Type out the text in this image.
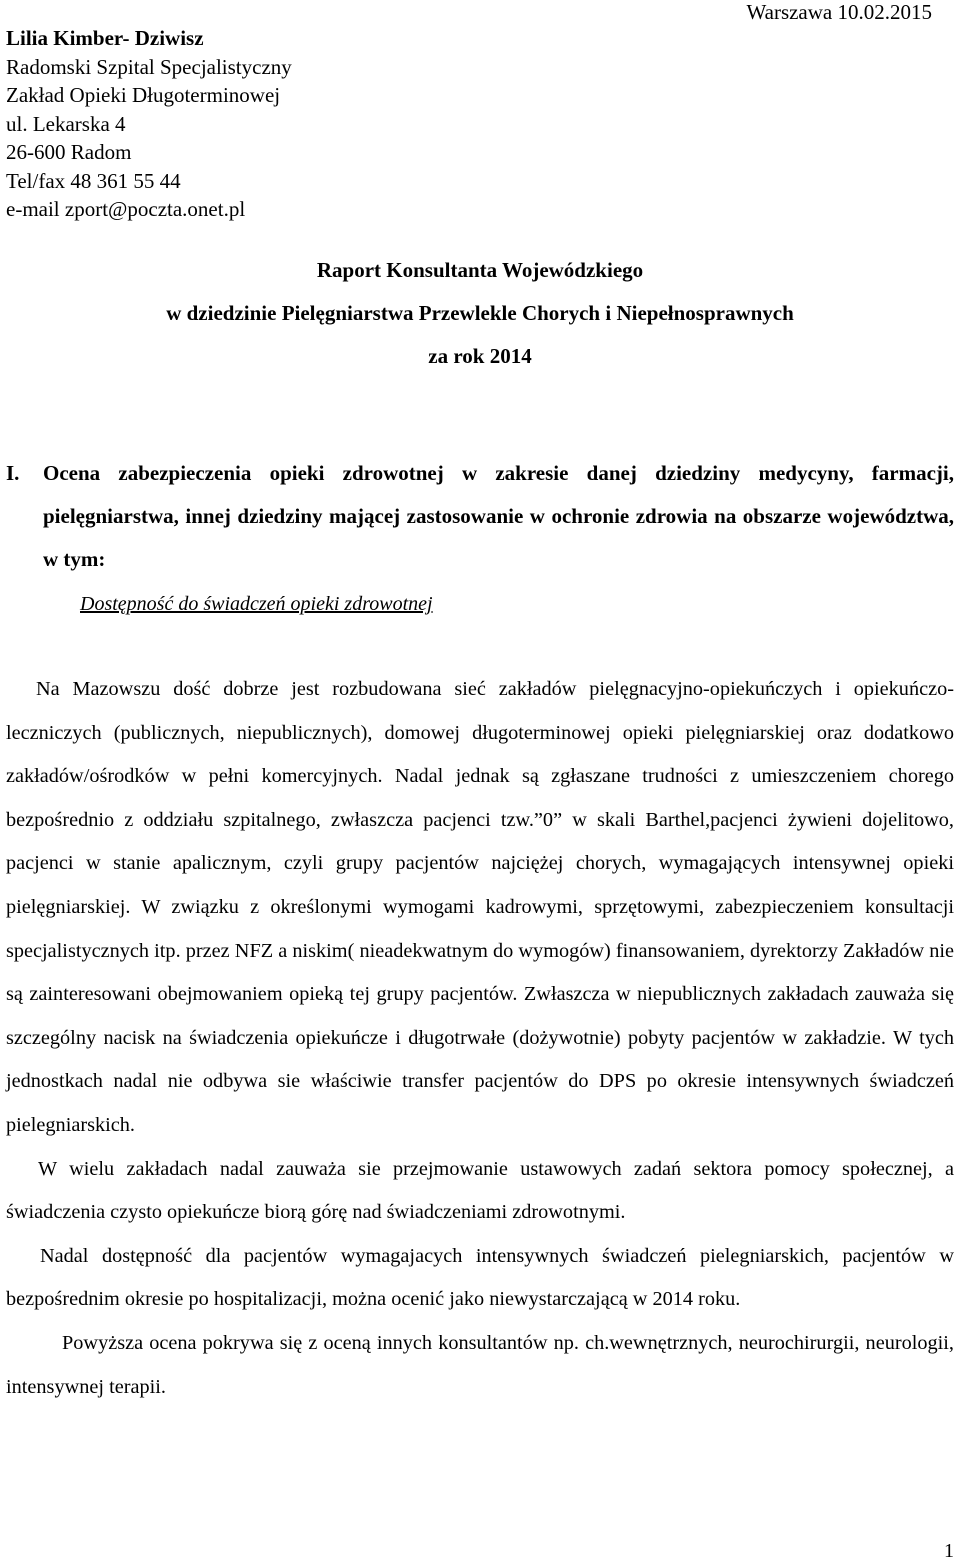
Warszawa 10.02.2015
Lilia Kimber- Dziwisz
Radomski Szpital Specjalistyczny
Zakład Opieki Długoterminowej
ul. Lekarska 4
26-600 Radom
Tel/fax 48 361 55 44
e-mail zport@poczta.onet.pl
Raport Konsultanta Wojewódzkiego
w dziedzinie Pielęgniarstwa Przewlekle Chorych i Niepełnosprawnych
za rok 2014
I. Ocena zabezpieczenia opieki zdrowotnej w zakresie danej dziedziny medycyny, farmacji, pielęgniarstwa, innej dziedziny mającej zastosowanie w ochronie zdrowia na obszarze województwa, w tym:
Dostępność do świadczeń opieki zdrowotnej

Na Mazowszu dość dobrze jest rozbudowana sieć zakładów pielęgnacyjno-opiekuńczych i opiekuńczo-leczniczych (publicznych, niepublicznych), domowej długoterminowej opieki pielęgniarskiej oraz dodatkowo zakładów/ośrodków w pełni komercyjnych. Nadal jednak są zgłaszane trudności z umieszczeniem chorego bezpośrednio z oddziału szpitalnego, zwłaszcza pacjenci tzw.”0” w skali Barthel,pacjenci żywieni dojelitowo, pacjenci w stanie apalicznym, czyli grupy pacjentów najciężej chorych, wymagających intensywnej opieki pielęgniarskiej. W związku z określonymi wymogami kadrowymi, sprzętowymi, zabezpieczeniem konsultacji specjalistycznych itp. przez NFZ a niskim( nieadekwatnym do wymogów) finansowaniem, dyrektorzy Zakładów nie są zainteresowani obejmowaniem opieką tej grupy pacjentów. Zwłaszcza w niepublicznych zakładach zauważa się szczególny nacisk na świadczenia opiekuńcze i długotrwałe (dożywotnie) pobyty pacjentów w zakładzie. W tych jednostkach nadal nie odbywa sie właściwie transfer pacjentów do DPS po okresie intensywnych świadczeń pielegniarskich.

W wielu zakładach nadal zauważa sie przejmowanie ustawowych zadań sektora pomocy społecznej, a świadczenia czysto opiekuńcze biorą górę nad świadczeniami zdrowotnymi.

Nadal dostępność dla pacjentów wymagajacych intensywnych świadczeń pielegniarskich, pacjentów w bezpośrednim okresie po hospitalizacji, można ocenić jako niewystarczającą w 2014 roku.

Powyższa ocena pokrywa się z oceną innych konsultantów np. ch.wewnętrznych, neurochirurgii, neurologii, intensywnej terapii.

1
